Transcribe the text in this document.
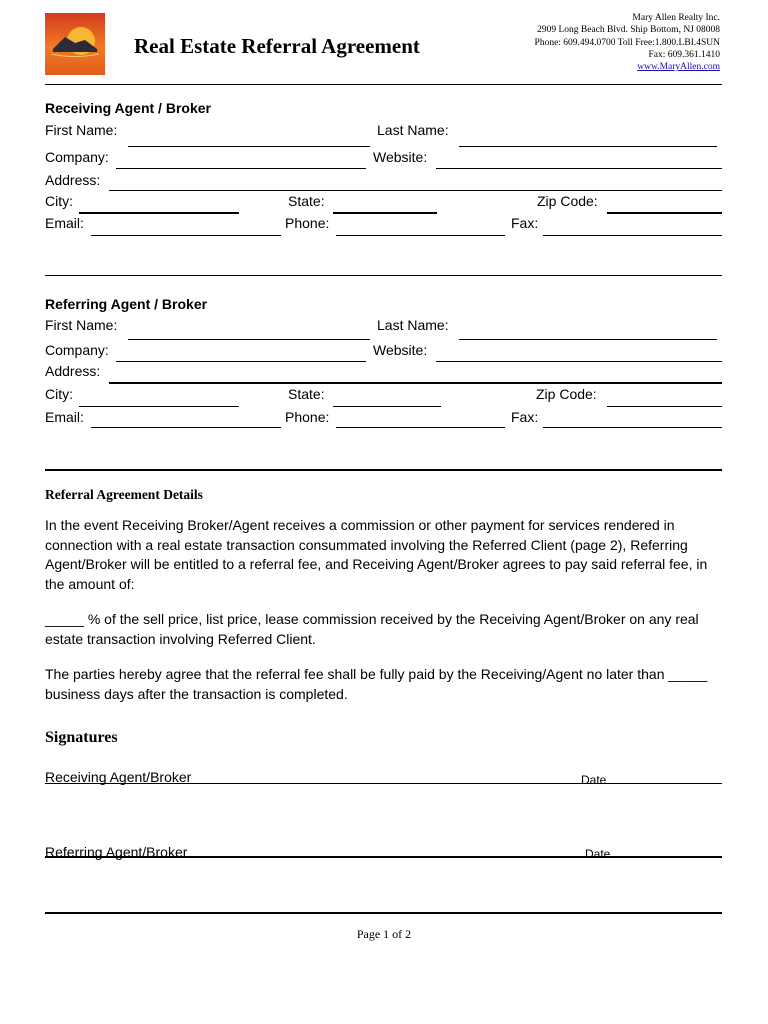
Real Estate Referral Agreement
Mary Allen Realty Inc.
2909 Long Beach Blvd. Ship Bottom, NJ 08008
Phone: 609.494.0700 Toll Free:1.800.LBI.4SUN
Fax: 609.361.1410
www.MaryAllen.com
Receiving Agent / Broker
First Name:	Last Name:
Company:	Website:
Address:
City:	State:	Zip Code:
Email:	Phone:	Fax:
Referring Agent / Broker
First Name:	Last Name:
Company:	Website:
Address:
City:	State:	Zip Code:
Email:	Phone:	Fax:
Referral Agreement Details
In the event Receiving Broker/Agent receives a commission or other payment for services rendered in connection with a real estate transaction consummated involving the Referred Client (page 2), Referring Agent/Broker will be entitled to a referral fee, and Receiving Agent/Broker agrees to pay said referral fee, in the amount of:
_____ % of the sell price, list price, lease commission received by the Receiving Agent/Broker on any real estate transaction involving Referred Client.
The parties hereby agree that the referral fee shall be fully paid by the Receiving/Agent no later than _____ business days after the transaction is completed.
Signatures
Receiving Agent/Broker	Date
Referring Agent/Broker	Date
Page 1 of 2
